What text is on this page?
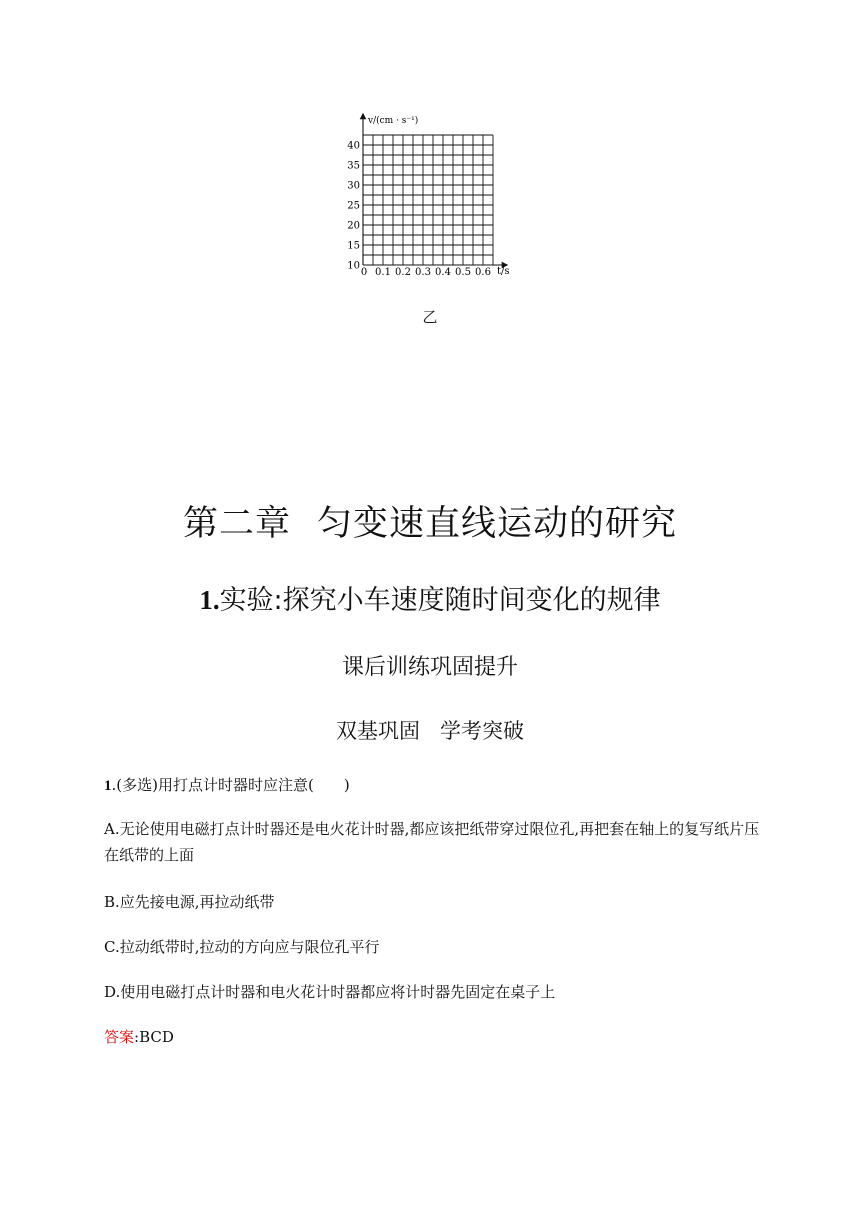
v/(cm · s⁻¹)
t/s
10
15
20
25
30
35
40
0 0.1 0.2 0.3 0.4 0.5 0.6
乙
第二章 匀变速直线运动的研究
1.实验:探究小车速度随时间变化的规律
课后训练巩固提升
双基巩固 学考突破
1.(多选)用打点计时器时应注意(　　)
A.无论使用电磁打点计时器还是电火花计时器,都应该把纸带穿过限位孔,再把套在轴上的复写纸片压在纸带的上面
B.应先接电源,再拉动纸带
C.拉动纸带时,拉动的方向应与限位孔平行
D.使用电磁打点计时器和电火花计时器都应将计时器先固定在桌子上
答案:BCD
